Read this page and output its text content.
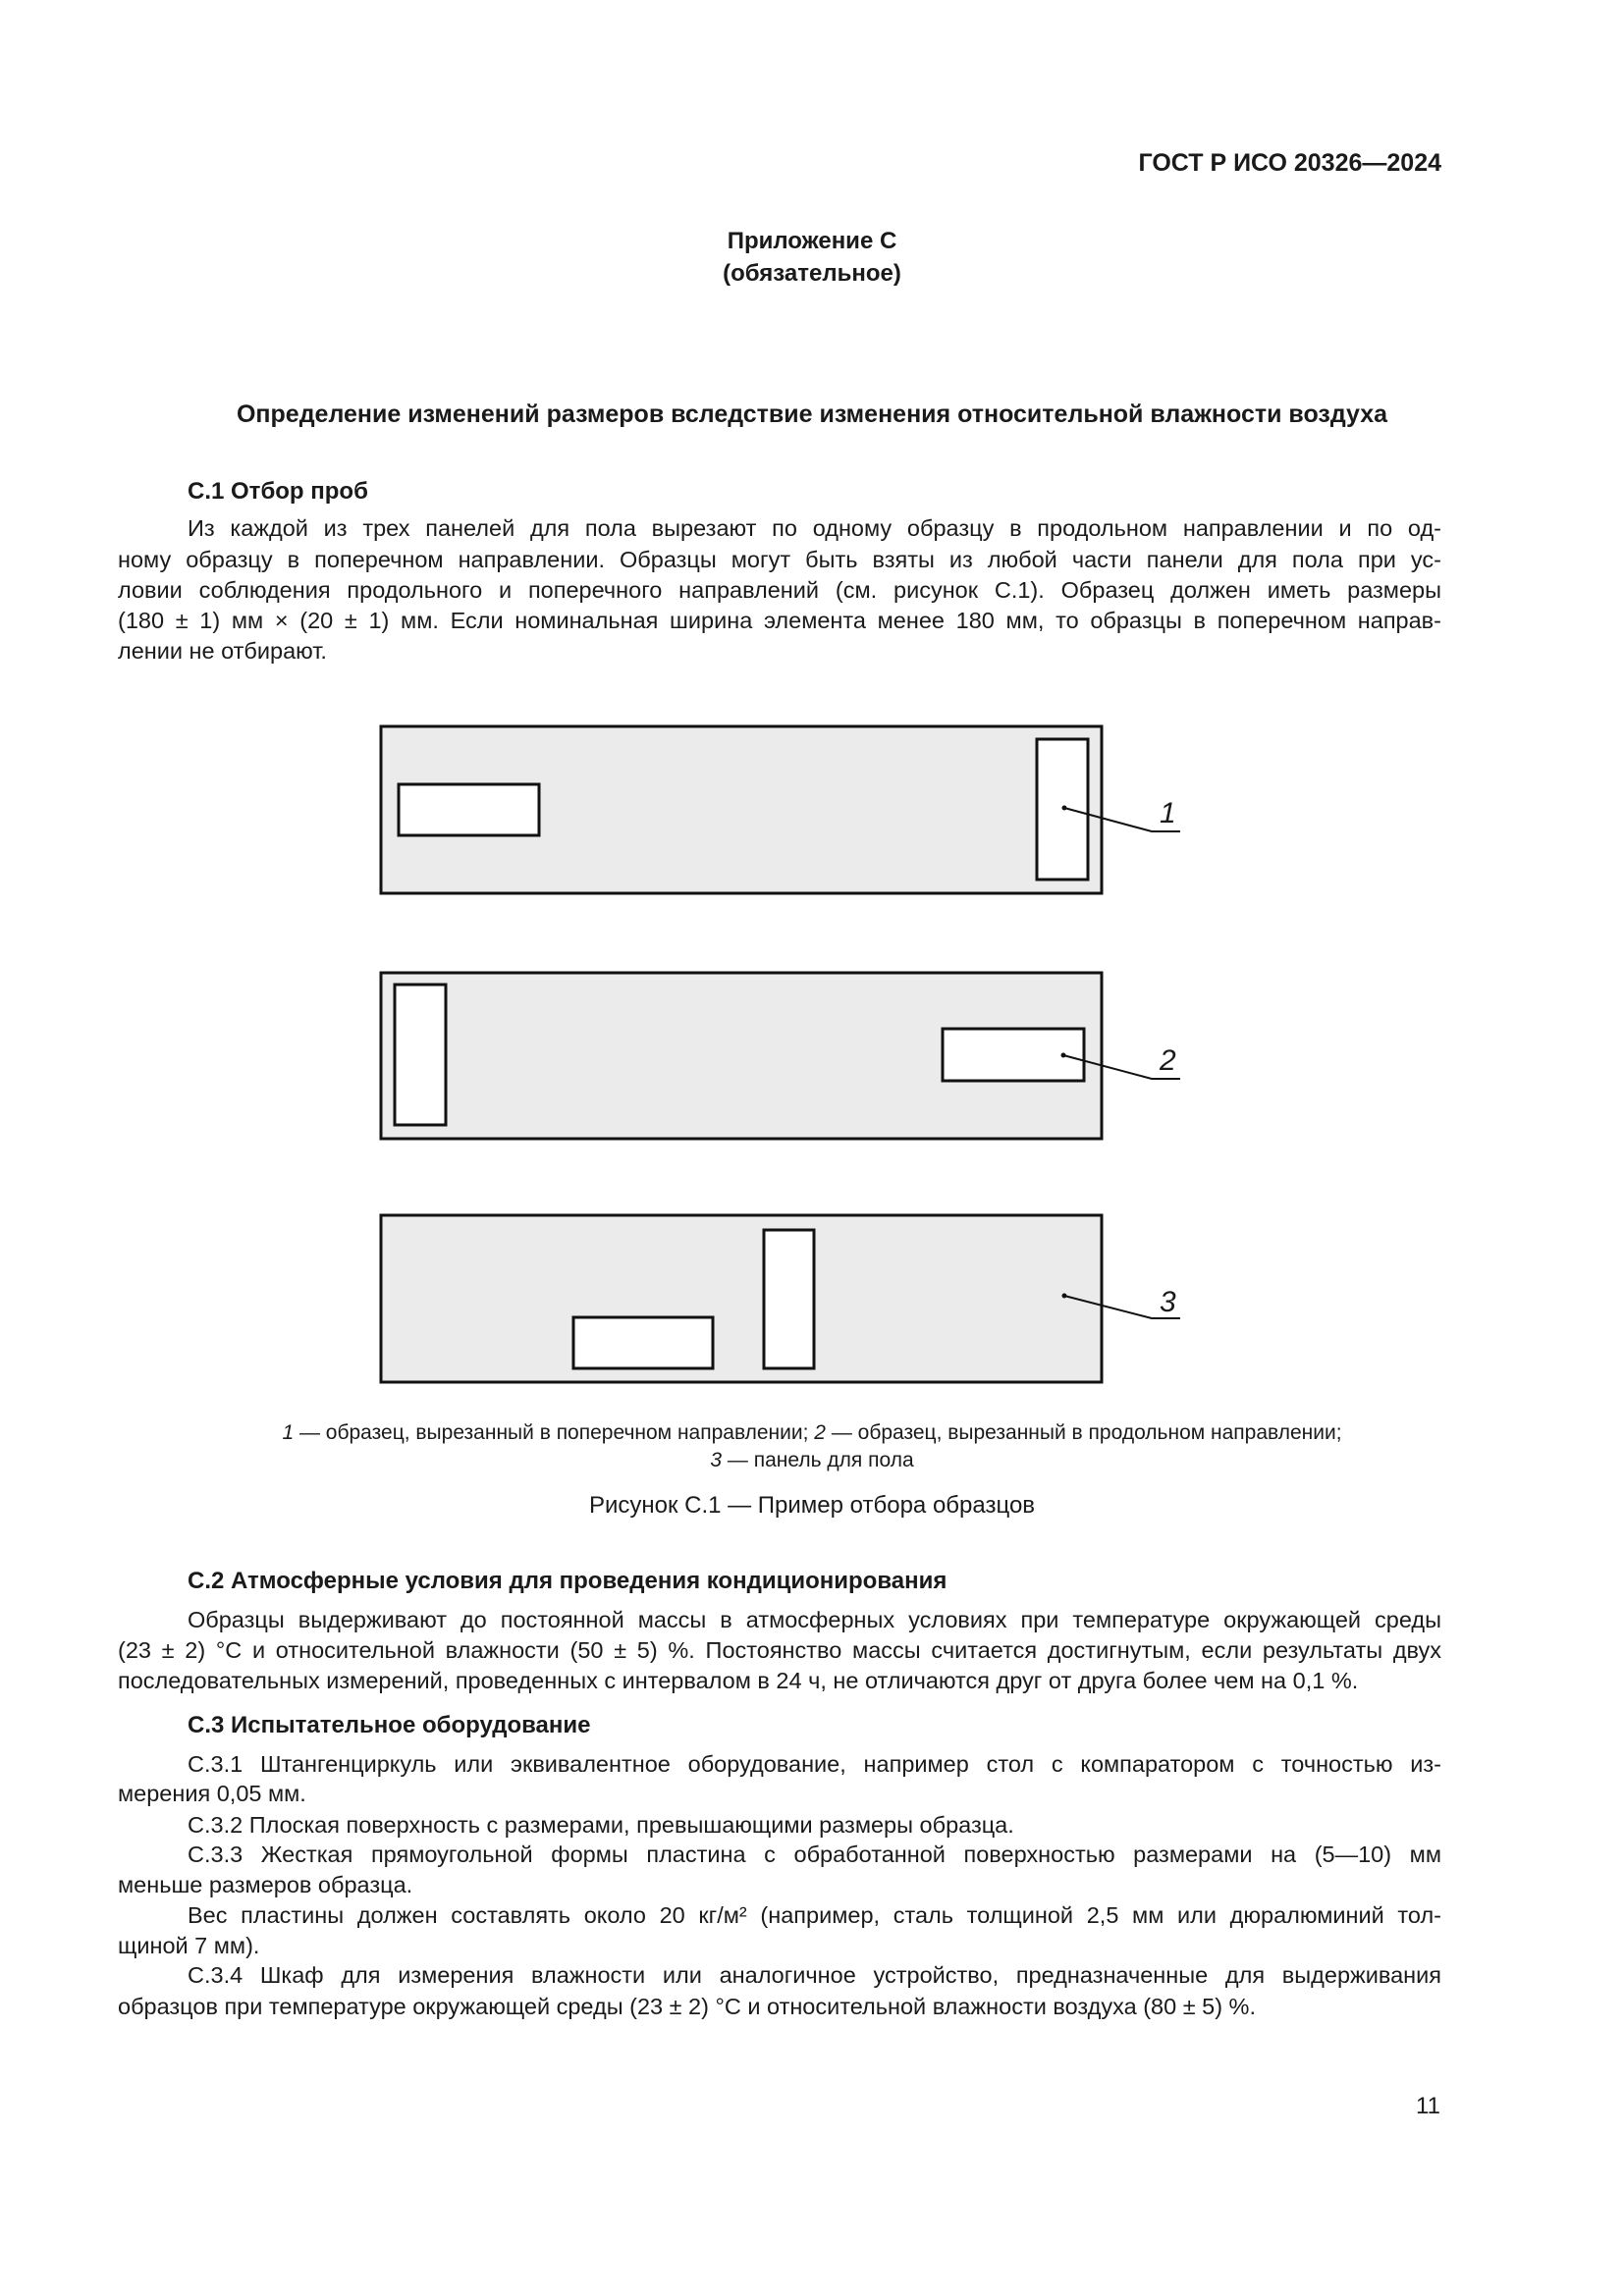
ГОСТ Р ИСО 20326—2024
Приложение С
(обязательное)
Определение изменений размеров вследствие изменения относительной влажности воздуха
С.1 Отбор проб
Из каждой из трех панелей для пола вырезают по одному образцу в продольном направлении и по од-
ному образцу в поперечном направлении. Образцы могут быть взяты из любой части панели для пола при ус-
ловии соблюдения продольного и поперечного направлений (см. рисунок С.1). Образец должен иметь размеры
(180 ± 1) мм × (20 ± 1) мм. Если номинальная ширина элемента менее 180 мм, то образцы в поперечном направ-
лении не отбирают.
1
2
3
1 — образец, вырезанный в поперечном направлении; 2 — образец, вырезанный в продольном направлении;
3 — панель для пола
Рисунок С.1 — Пример отбора образцов
С.2 Атмосферные условия для проведения кондиционирования
Образцы выдерживают до постоянной массы в атмосферных условиях при температуре окружающей среды
(23 ± 2) °С и относительной влажности (50 ± 5) %. Постоянство массы считается достигнутым, если результаты двух
последовательных измерений, проведенных с интервалом в 24 ч, не отличаются друг от друга более чем на 0,1 %.
С.3 Испытательное оборудование
С.3.1 Штангенциркуль или эквивалентное оборудование, например стол с компаратором с точностью из-
мерения 0,05 мм.
С.3.2 Плоская поверхность с размерами, превышающими размеры образца.
С.3.3 Жесткая прямоугольной формы пластина с обработанной поверхностью размерами на (5—10) мм
меньше размеров образца.
Вес пластины должен составлять около 20 кг/м² (например, сталь толщиной 2,5 мм или дюралюминий тол-
щиной 7 мм).
С.3.4 Шкаф для измерения влажности или аналогичное устройство, предназначенные для выдерживания
образцов при температуре окружающей среды (23 ± 2) °С и относительной влажности воздуха (80 ± 5) %.
11
